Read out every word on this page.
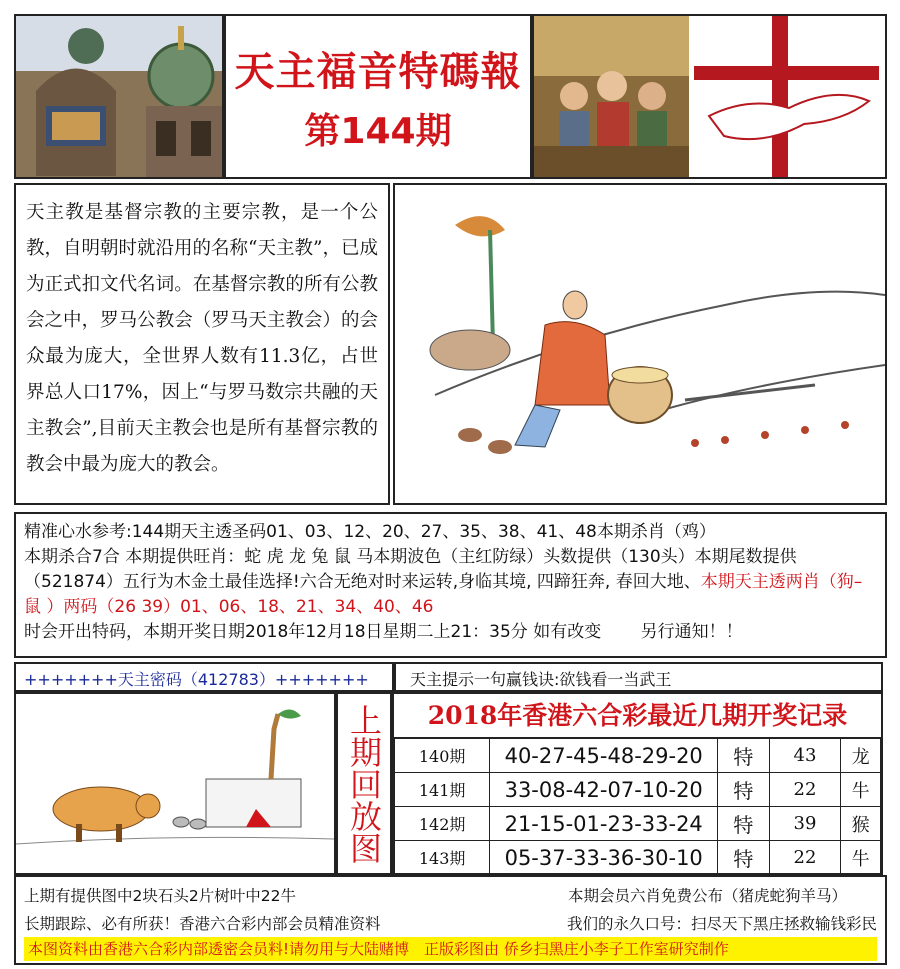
天主福音特碼報
第144期

天主教是基督宗教的主要宗教，是一个公教，自明朝时就沿用的名称“天主教”，已成为正式扣文代名词。在基督宗教的所有公教会之中，罗马公教会（罗马天主教会）的会众最为庞大，全世界人数有11.3亿，占世界总人口17%，因上“与罗马数宗共融的天主教会”,目前天主教会也是所有基督宗教的教会中最为庞大的教会。

精准心水参考:144期天主透圣码01、03、12、20、27、35、38、41、48本期杀肖（鸡）
本期杀合7合 本期提供旺肖：蛇 虎 龙 兔 鼠 马本期波色（主红防绿）头数提供（130头）本期尾数提供（521874）五行为木金土最佳选择!六合无绝对时来运转,身临其境, 四蹄狂奔, 春回大地、本期天主透两肖（狗–鼠 ）两码（26 39）01、06、18、21、34、40、46
时会开出特码，本期开奖日期2018年12月18日星期二上21：35分 如有改变 另行通知！！
+++++++天主密码（412783）+++++++	天主提示一句赢钱诀:欲钱看一当武王
上期回放图	2018年香港六合彩最近几期开奖记录
140期	40-27-45-48-29-20	特	43	龙
141期	33-08-42-07-10-20	特	22	牛
142期	21-15-01-23-33-24	特	39	猴
143期	05-37-33-36-30-10	特	22	牛
上期有提供图中2块石头2片树叶中22牛	本期会员六肖免费公布（猪虎蛇狗羊马）
长期跟踪、必有所获！香港六合彩内部会员精准资料	我们的永久口号：扫尽天下黑庄拯救输钱彩民
本图资料由香港六合彩内部透密会员料!请勿用与大陆赌博　正版彩图由 侨乡扫黑庄小李子工作室研究制作
